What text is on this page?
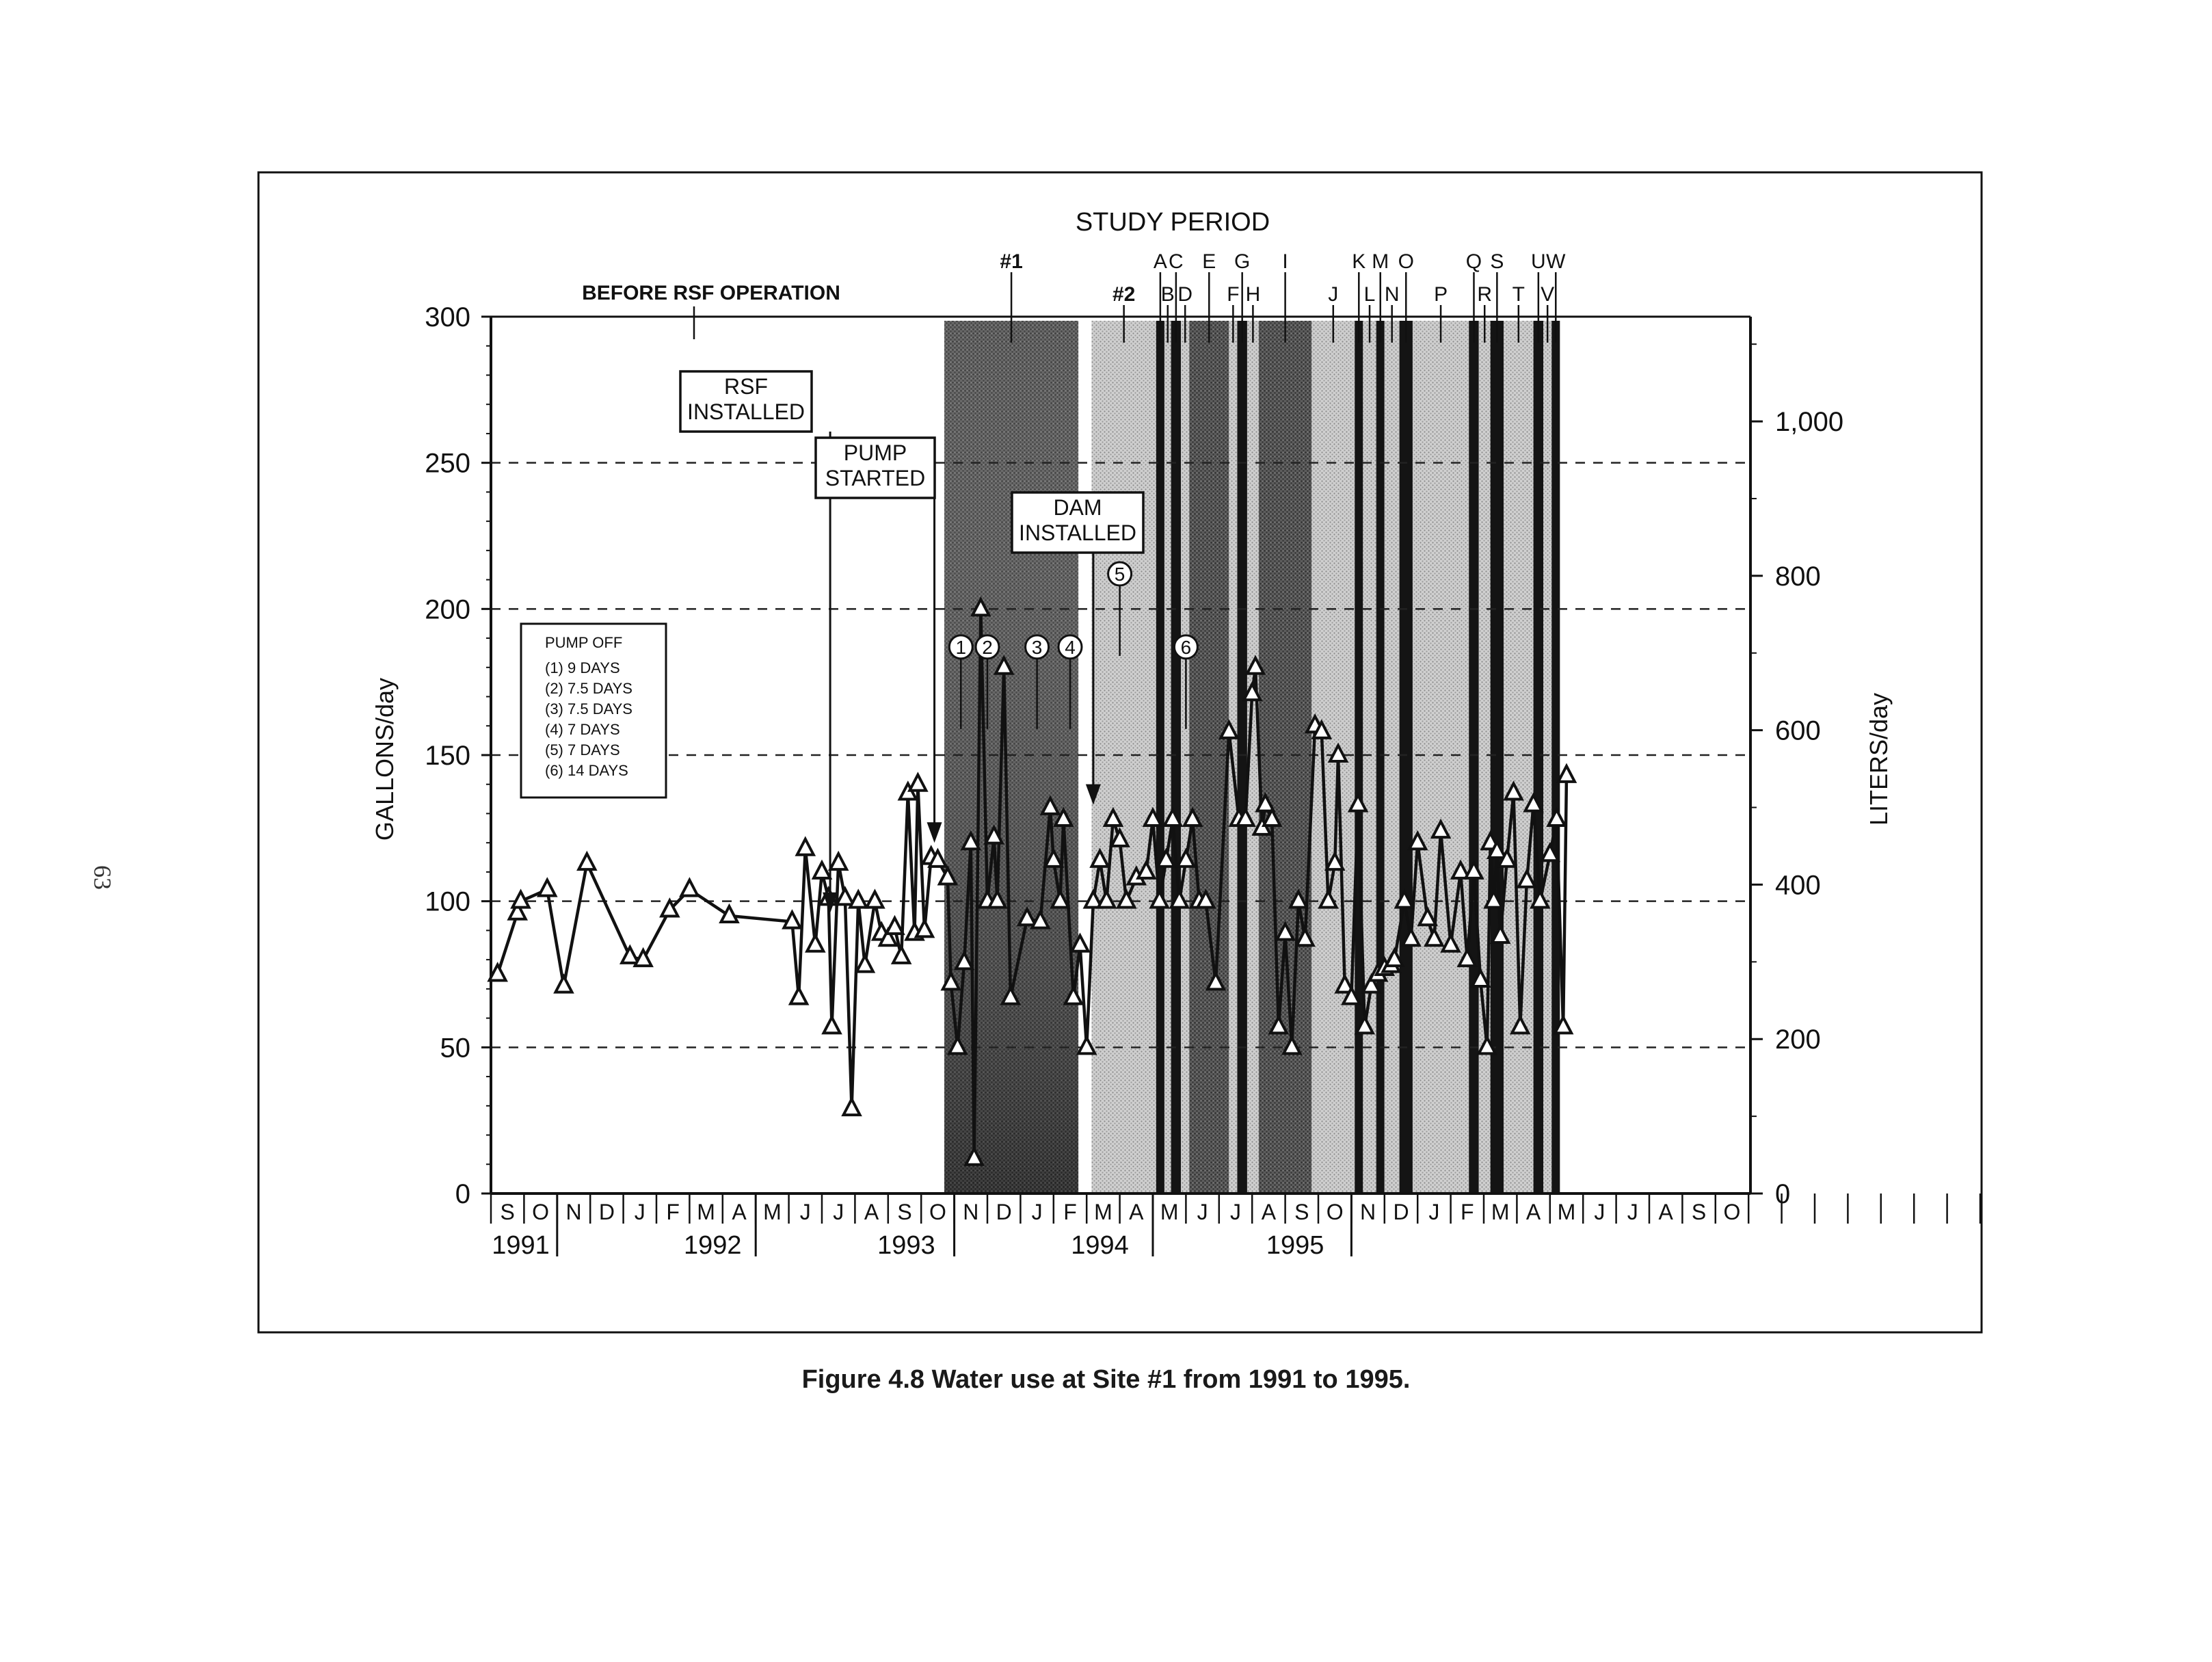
0
50
100
150
200
250
300
0
200
400
600
800
1,000
GALLONS/day	LITERS/day
S O N D J F M A M J J A S O N D J F M A M J J A S O N D J F M A M J J A S O
1991	1992	1993	1994	1995
RSF
INSTALLED
PUMP
STARTED
DAM
INSTALLED
1 2 3 4
5
6
PUMP OFF
(1) 9 DAYS
(2) 7.5 DAYS
(3) 7.5 DAYS
(4) 7 DAYS
(5) 7 DAYS
(6) 14 DAYS
#1
#2
A
B
C
D
E
F
G
H
I
J
K
L
M
N
O
P
Q
R
S
T
U
V
W
STUDY PERIOD
BEFORE RSF OPERATION
63
Figure 4.8 Water use at Site #1 from 1991 to 1995.
